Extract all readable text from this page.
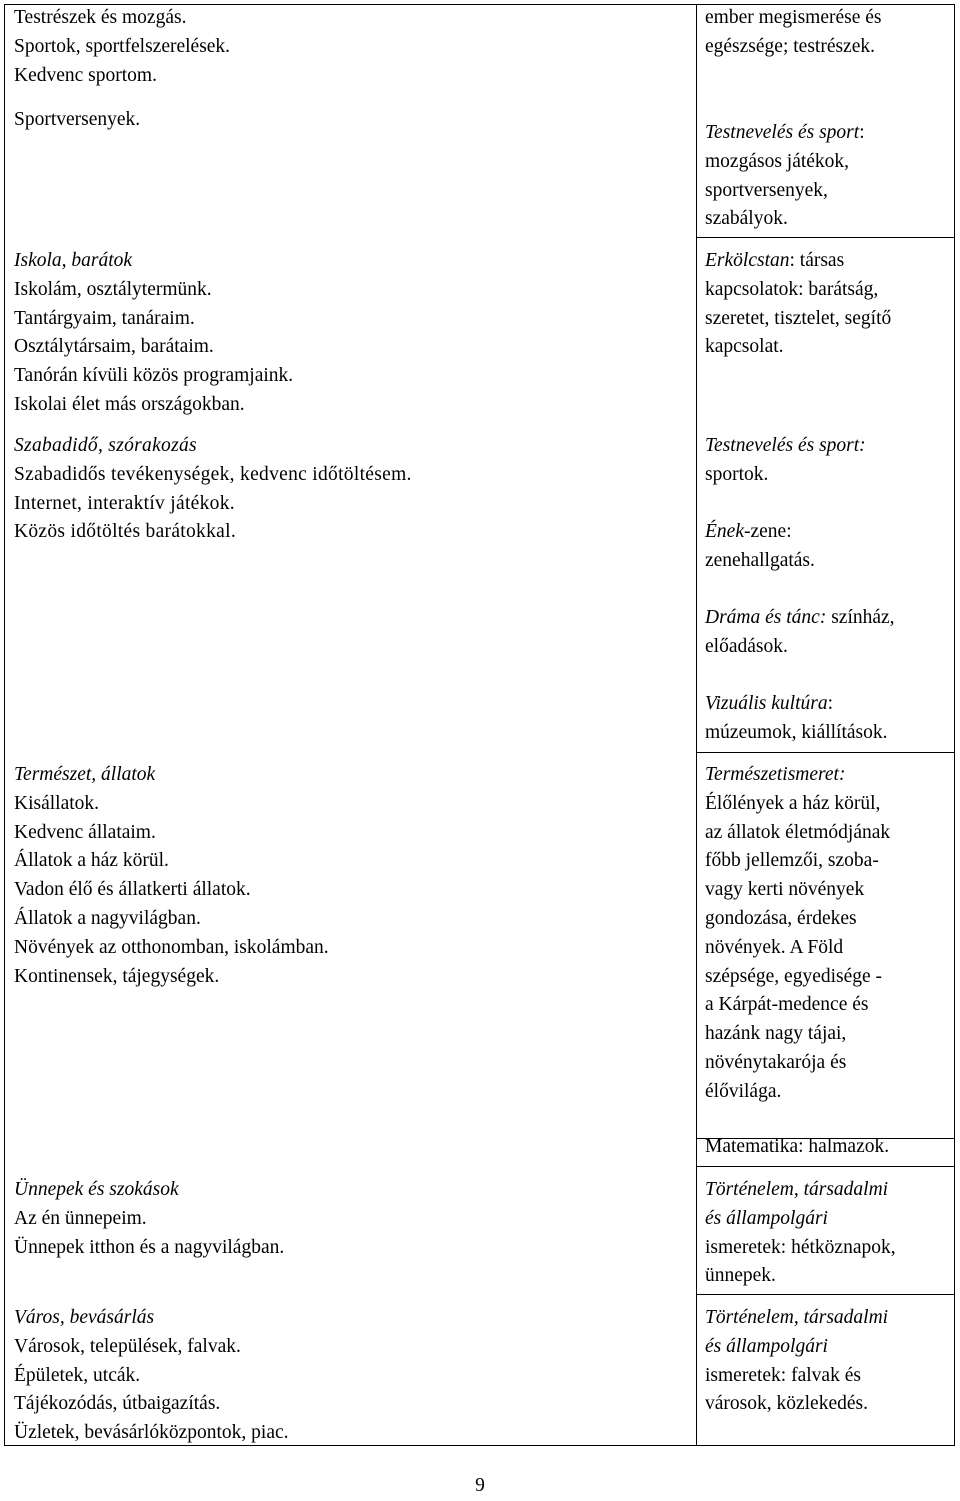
Testrészek és mozgás.
Sportok, sportfelszerelések.
Kedvenc sportom.
Sportversenyek.
Iskola, barátok
Iskolám, osztálytermünk.
Tantárgyaim, tanáraim.
Osztálytársaim, barátaim.
Tanórán kívüli közös programjaink.
Iskolai élet más országokban.
Szabadidő, szórakozás
Szabadidős tevékenységek, kedvenc időtöltésem.
Internet, interaktív játékok.
Közös időtöltés barátokkal.
Természet, állatok
Kisállatok.
Kedvenc állataim.
Állatok a ház körül.
Vadon élő és állatkerti állatok.
Állatok a nagyvilágban.
Növények az otthonomban, iskolámban.
Kontinensek, tájegységek.
Ünnepek és szokások
Az én ünnepeim.
Ünnepek itthon és a nagyvilágban.
Város, bevásárlás
Városok, települések, falvak.
Épületek, utcák.
Tájékozódás, útbaigazítás.
Üzletek, bevásárlóközpontok, piac.
ember megismerése és
egészsége; testrészek.
Testnevelés és sport:
mozgásos játékok,
sportversenyek,
szabályok.
Erkölcstan: társas
kapcsolatok: barátság,
szeretet, tisztelet, segítő
kapcsolat.
Testnevelés és sport:
sportok.
Ének-zene:
zenehallgatás.
Dráma és tánc: színház,
előadások.
Vizuális kultúra:
múzeumok, kiállítások.
Természetismeret:
Élőlények a ház körül,
az állatok életmódjának
főbb jellemzői, szoba-
vagy kerti növények
gondozása, érdekes
növények. A Föld
szépsége, egyedisége -
a Kárpát-medence és
hazánk nagy tájai,
növénytakarója és
élővilága.
Matematika: halmazok.
Történelem, társadalmi
és állampolgári
ismeretek: hétköznapok,
ünnepek.
Történelem, társadalmi
és állampolgári
ismeretek: falvak és
városok, közlekedés.
9
